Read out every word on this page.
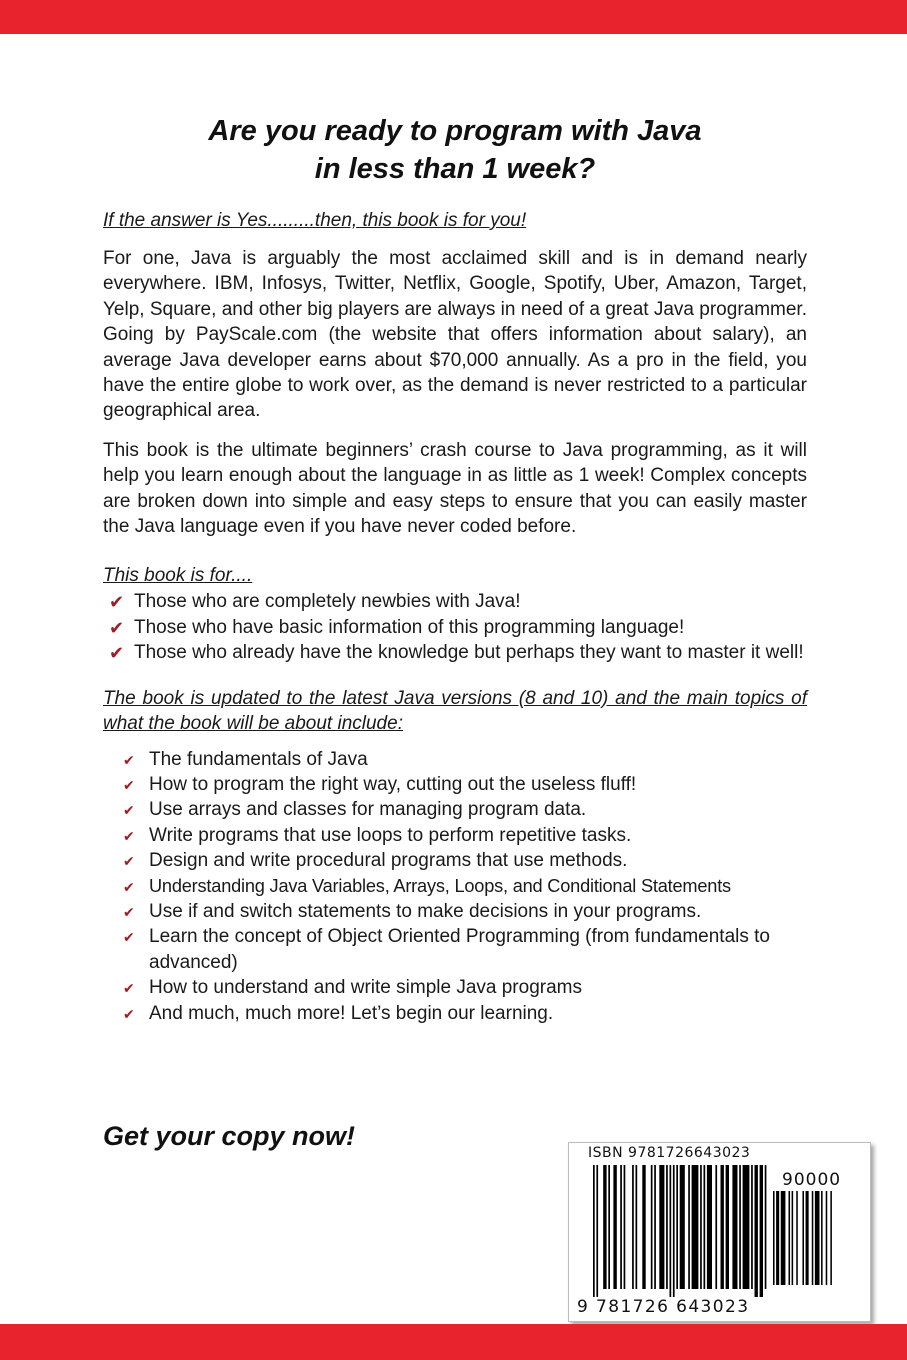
Are you ready to program with Java
in less than 1 week?

If the answer is Yes.........then, this book is for you!

For one, Java is arguably the most acclaimed skill and is in demand nearly everywhere. IBM, Infosys, Twitter, Netflix, Google, Spotify, Uber, Amazon, Target, Yelp, Square, and other big players are always in need of a great Java programmer. Going by PayScale.com (the website that offers information about salary), an average Java developer earns about $70,000 annually. As a pro in the field, you have the entire globe to work over, as the demand is never restricted to a particular geographical area.

This book is the ultimate beginners’ crash course to Java programming, as it will help you learn enough about the language in as little as 1 week! Complex concepts are broken down into simple and easy steps to ensure that you can easily master the Java language even if you have never coded before.

This book is for....

✔ Those who are completely newbies with Java!
✔ Those who have basic information of this programming language!
✔ Those who already have the knowledge but perhaps they want to master it well!

The book is updated to the latest Java versions (8 and 10) and the main topics of what the book will be about include:

✔ The fundamentals of Java
✔ How to program the right way, cutting out the useless fluff!
✔ Use arrays and classes for managing program data.
✔ Write programs that use loops to perform repetitive tasks.
✔ Design and write procedural programs that use methods.
✔ Understanding Java Variables, Arrays, Loops, and Conditional Statements
✔ Use if and switch statements to make decisions in your programs.
✔ Learn the concept of Object Oriented Programming (from fundamentals to advanced)
✔ How to understand and write simple Java programs
✔ And much, much more! Let’s begin our learning.
Get your copy now!
ISBN 9781726643023
90000
9 781726 643023
